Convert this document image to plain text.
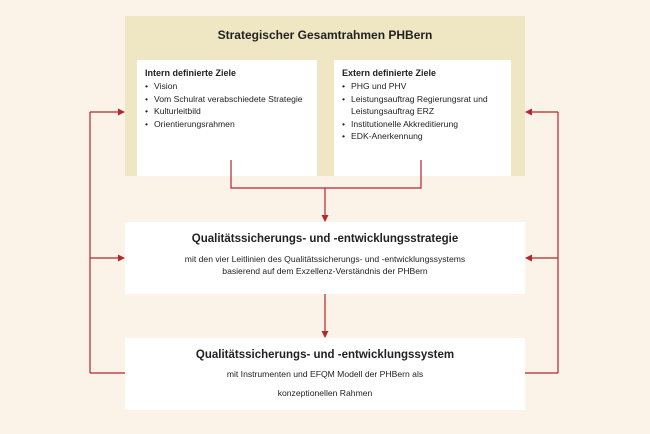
Strategischer Gesamtrahmen PHBern
Intern definierte Ziele
• Vision
• Vom Schulrat verabschiedete Strategie
• Kulturleitbild
• Orientierungsrahmen
Extern definierte Ziele
• PHG und PHV
• Leistungsauftrag Regierungsrat und Leistungsauftrag ERZ
• Institutionelle Akkreditierung
• EDK-Anerkennung
Qualitätssicherungs- und -entwicklungsstrategie
mit den vier Leitlinien des Qualitätssicherungs- und -entwicklungssystems
basierend auf dem Exzellenz-Verständnis der PHBern
Qualitätssicherungs- und -entwicklungssystem
mit Instrumenten und EFQM Modell der PHBern als
konzeptionellen Rahmen
